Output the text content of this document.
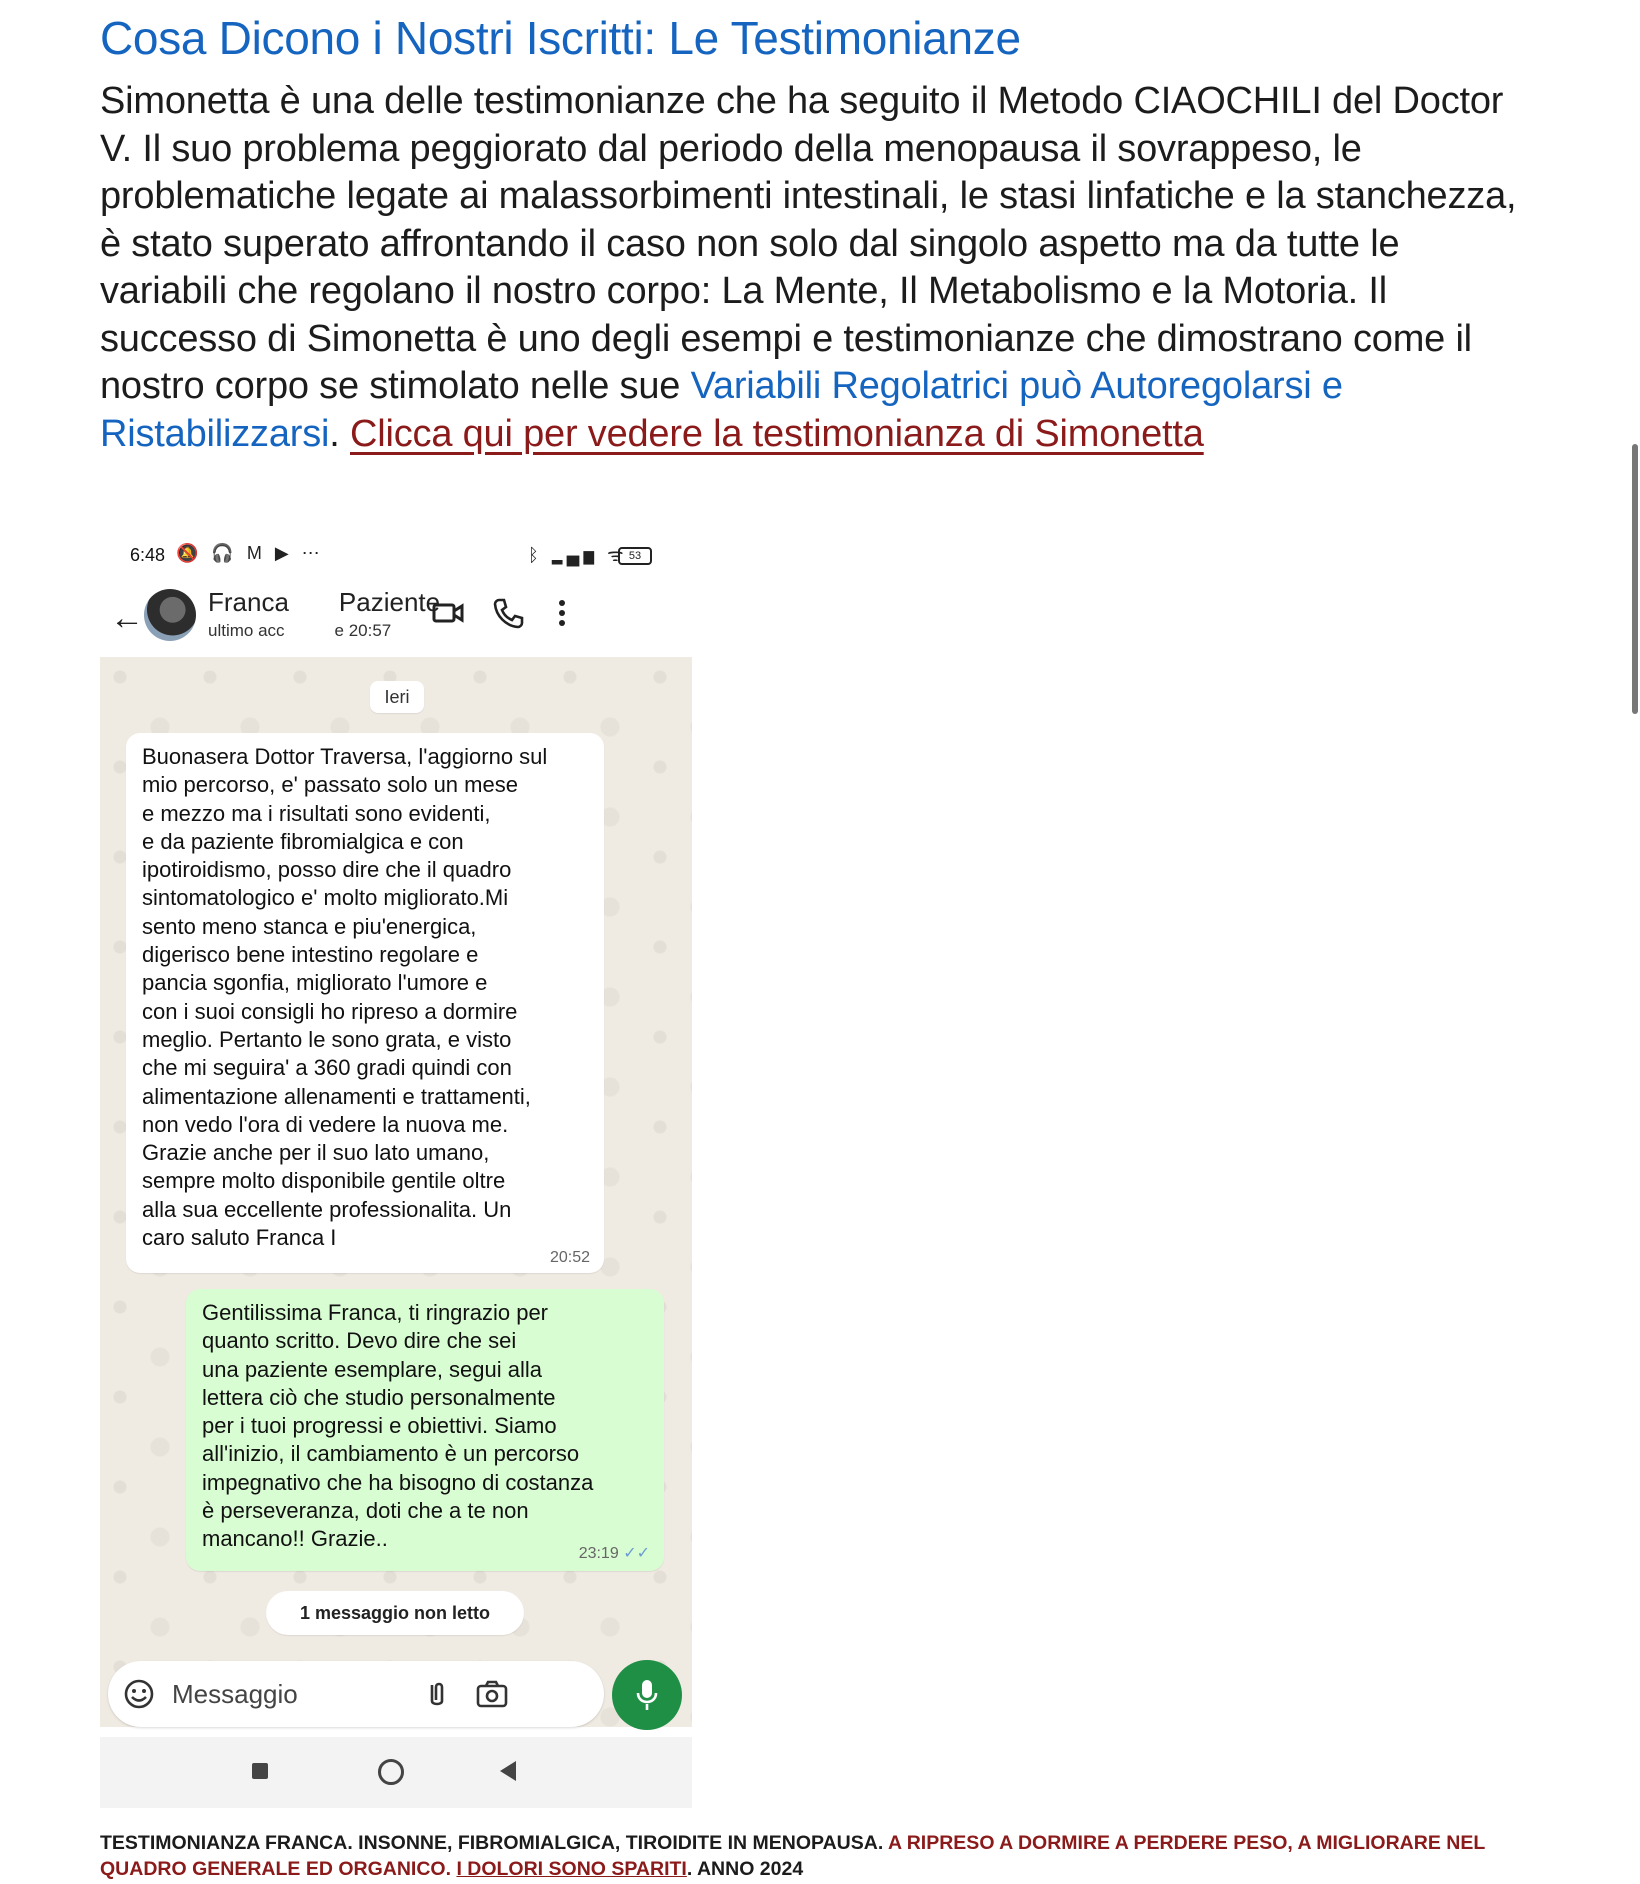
Cosa Dicono i Nostri Iscritti: Le Testimonianze

Simonetta è una delle testimonianze che ha seguito il Metodo CIAOCHILI del Doctor V. Il suo problema peggiorato dal periodo della menopausa il sovrappeso, le problematiche legate ai malassorbimenti intestinali, le stasi linfatiche e la stanchezza, è stato superato affrontando il caso non solo dal singolo aspetto ma da tutte le variabili che regolano il nostro corpo: La Mente, Il Metabolismo e la Motoria. Il successo di Simonetta è uno degli esempi e testimonianze che dimostrano come il nostro corpo se stimolato nelle sue Variabili Regolatrici può Autoregolarsi e Ristabilizzarsi. Clicca qui per vedere la testimonianza di Simonetta

6:48 🔕 🎧 M ▶ ⋯	ᛒ ▂▄▆ ᯤ 53
← Franca Paziente
ultimo acc	e 20:57
Ieri
Buonasera Dottor Traversa, l'aggiorno sul
mio percorso, e' passato solo un mese
e mezzo ma i risultati sono evidenti,
e da paziente fibromialgica e con
ipotiroidismo, posso dire che il quadro
sintomatologico e' molto migliorato.Mi
sento meno stanca e piu'energica,
digerisco bene intestino regolare e
pancia sgonfia, migliorato l'umore e
con i suoi consigli ho ripreso a dormire
meglio. Pertanto le sono grata, e visto
che mi seguira' a 360 gradi quindi con
alimentazione allenamenti e trattamenti,
non vedo l'ora di vedere la nuova me.
Grazie anche per il suo lato umano,
sempre molto disponibile gentile oltre
alla sua eccellente professionalita. Un
caro saluto Franca I
20:52
Gentilissima Franca, ti ringrazio per
quanto scritto. Devo dire che sei
una paziente esemplare, segui alla
lettera ciò che studio personalmente
per i tuoi progressi e obiettivi. Siamo
all'inizio, il cambiamento è un percorso
impegnativo che ha bisogno di costanza
è perseveranza, doti che a te non
mancano!! Grazie..
23:19 ✓✓
1 messaggio non letto
Messaggio

TESTIMONIANZA FRANCA. INSONNE, FIBROMIALGICA, TIROIDITE IN MENOPAUSA. A RIPRESO A DORMIRE A PERDERE PESO, A MIGLIORARE NEL QUADRO GENERALE ED ORGANICO. I DOLORI SONO SPARITI. ANNO 2024
